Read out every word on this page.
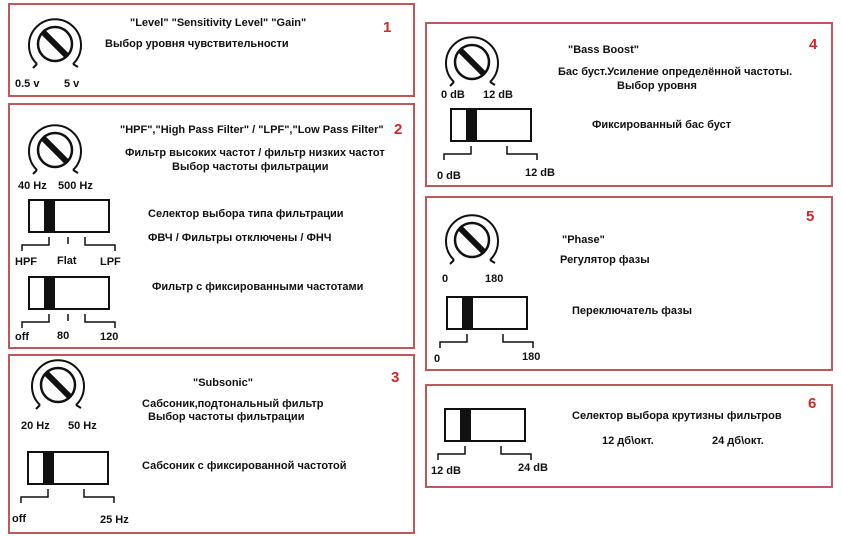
1
"Level" "Sensitivity Level" "Gain"
Выбор уровня чувствительности
0.5 v 5 v
2
"HPF","High Pass Filter" / "LPF","Low Pass Filter"
Фильтр высоких частот / фильтр низких частот
Выбор частоты фильтрации
40 Hz 500 Hz
Селектор выбора типа фильтрации
ФВЧ / Фильтры отключены / ФНЧ
HPF Flat LPF
Фильтр с фиксированными частотами
off	80	120
3
"Subsonic"
Сабсоник,подтональный фильтр
Выбор частоты фильтрации
20 Hz 50 Hz
Сабсоник с фиксированной частотой
off	25 Hz
4
"Bass Boost"
Бас буст.Усиление определённой частоты.
Выбор уровня
0 dB 12 dB
Фиксированный бас буст
0 dB	12 dB
5
"Phase"
Регулятор фазы
0	180
Переключатель фазы
0	180
6
Селектор выбора крутизны фильтров
12 дб\окт.	24 дб\окт.
12 dB	24 dB
